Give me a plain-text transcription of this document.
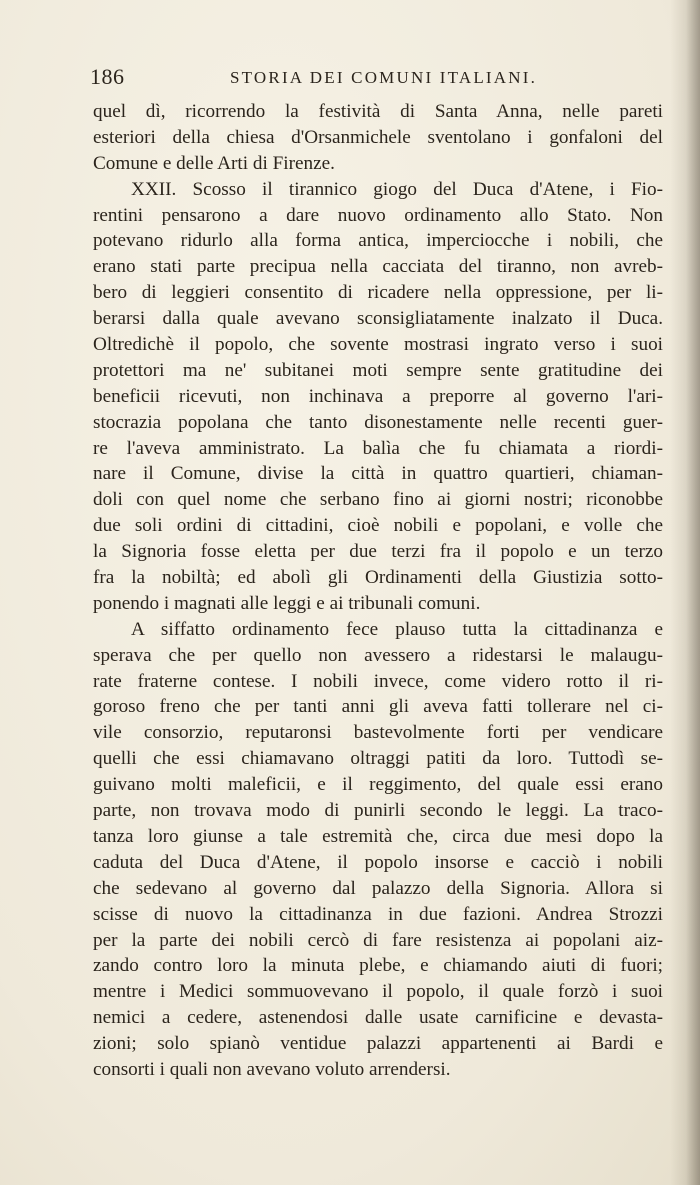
186	STORIA DEI COMUNI ITALIANI.
quel dì, ricorrendo la festività di Santa Anna, nelle pareti
esteriori della chiesa d'Orsanmichele sventolano i gonfaloni del
Comune e delle Arti di Firenze.
XXII. Scosso il tirannico giogo del Duca d'Atene, i Fio-
rentini pensarono a dare nuovo ordinamento allo Stato. Non
potevano ridurlo alla forma antica, imperciocche i nobili, che
erano stati parte precipua nella cacciata del tiranno, non avreb-
bero di leggieri consentito di ricadere nella oppressione, per li-
berarsi dalla quale avevano sconsigliatamente inalzato il Duca.
Oltredichè il popolo, che sovente mostrasi ingrato verso i suoi
protettori ma ne' subitanei moti sempre sente gratitudine dei
beneficii ricevuti, non inchinava a preporre al governo l'ari-
stocrazia popolana che tanto disonestamente nelle recenti guer-
re l'aveva amministrato. La balìa che fu chiamata a riordi-
nare il Comune, divise la città in quattro quartieri, chiaman-
doli con quel nome che serbano fino ai giorni nostri; riconobbe
due soli ordini di cittadini, cioè nobili e popolani, e volle che
la Signoria fosse eletta per due terzi fra il popolo e un terzo
fra la nobiltà; ed abolì gli Ordinamenti della Giustizia sotto-
ponendo i magnati alle leggi e ai tribunali comuni.
A siffatto ordinamento fece plauso tutta la cittadinanza e
sperava che per quello non avessero a ridestarsi le malaugu-
rate fraterne contese. I nobili invece, come videro rotto il ri-
goroso freno che per tanti anni gli aveva fatti tollerare nel ci-
vile consorzio, reputaronsi bastevolmente forti per vendicare
quelli che essi chiamavano oltraggi patiti da loro. Tuttodì se-
guivano molti maleficii, e il reggimento, del quale essi erano
parte, non trovava modo di punirli secondo le leggi. La traco-
tanza loro giunse a tale estremità che, circa due mesi dopo la
caduta del Duca d'Atene, il popolo insorse e cacciò i nobili
che sedevano al governo dal palazzo della Signoria. Allora si
scisse di nuovo la cittadinanza in due fazioni. Andrea Strozzi
per la parte dei nobili cercò di fare resistenza ai popolani aiz-
zando contro loro la minuta plebe, e chiamando aiuti di fuori;
mentre i Medici sommuovevano il popolo, il quale forzò i suoi
nemici a cedere, astenendosi dalle usate carnificine e devasta-
zioni; solo spianò ventidue palazzi appartenenti ai Bardi e
consorti i quali non avevano voluto arrendersi.
